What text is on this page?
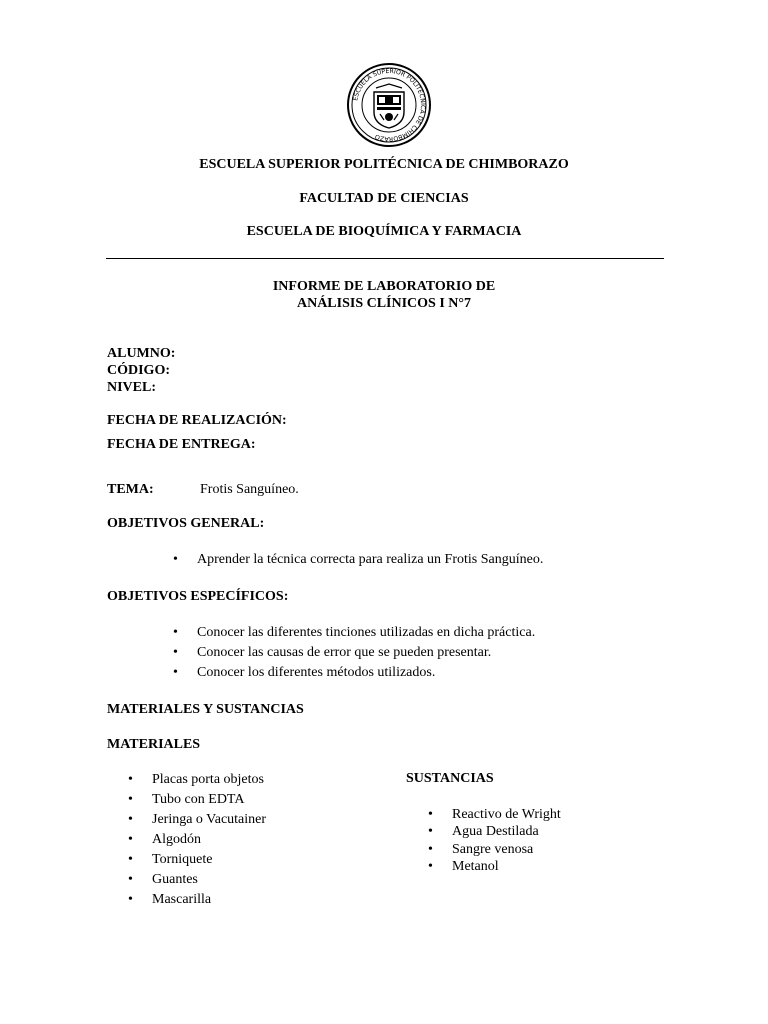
ESCUELA SUPERIOR POLITÉCNICA DE CHIMBORAZO
ESCUELA SUPERIOR POLITÉCNICA DE CHIMBORAZO
FACULTAD DE CIENCIAS
ESCUELA DE BIOQUÍMICA Y FARMACIA
INFORME DE LABORATORIO DE
ANÁLISIS CLÍNICOS I N°7
ALUMNO:
CÓDIGO:
NIVEL:
FECHA DE REALIZACIÓN:
FECHA DE ENTREGA:
TEMA:	Frotis Sanguíneo.
OBJETIVOS GENERAL:
• Aprender la técnica correcta para realiza un Frotis Sanguíneo.
OBJETIVOS ESPECÍFICOS:
• Conocer las diferentes tinciones utilizadas en dicha práctica.
• Conocer las causas de error que se pueden presentar.
• Conocer los diferentes métodos utilizados.
MATERIALES Y SUSTANCIAS
MATERIALES
• Placas porta objetos
• Tubo con EDTA
• Jeringa o Vacutainer
• Algodón
• Torniquete
• Guantes
• Mascarilla
SUSTANCIAS
• Reactivo de Wright
• Agua Destilada
• Sangre venosa
• Metanol
